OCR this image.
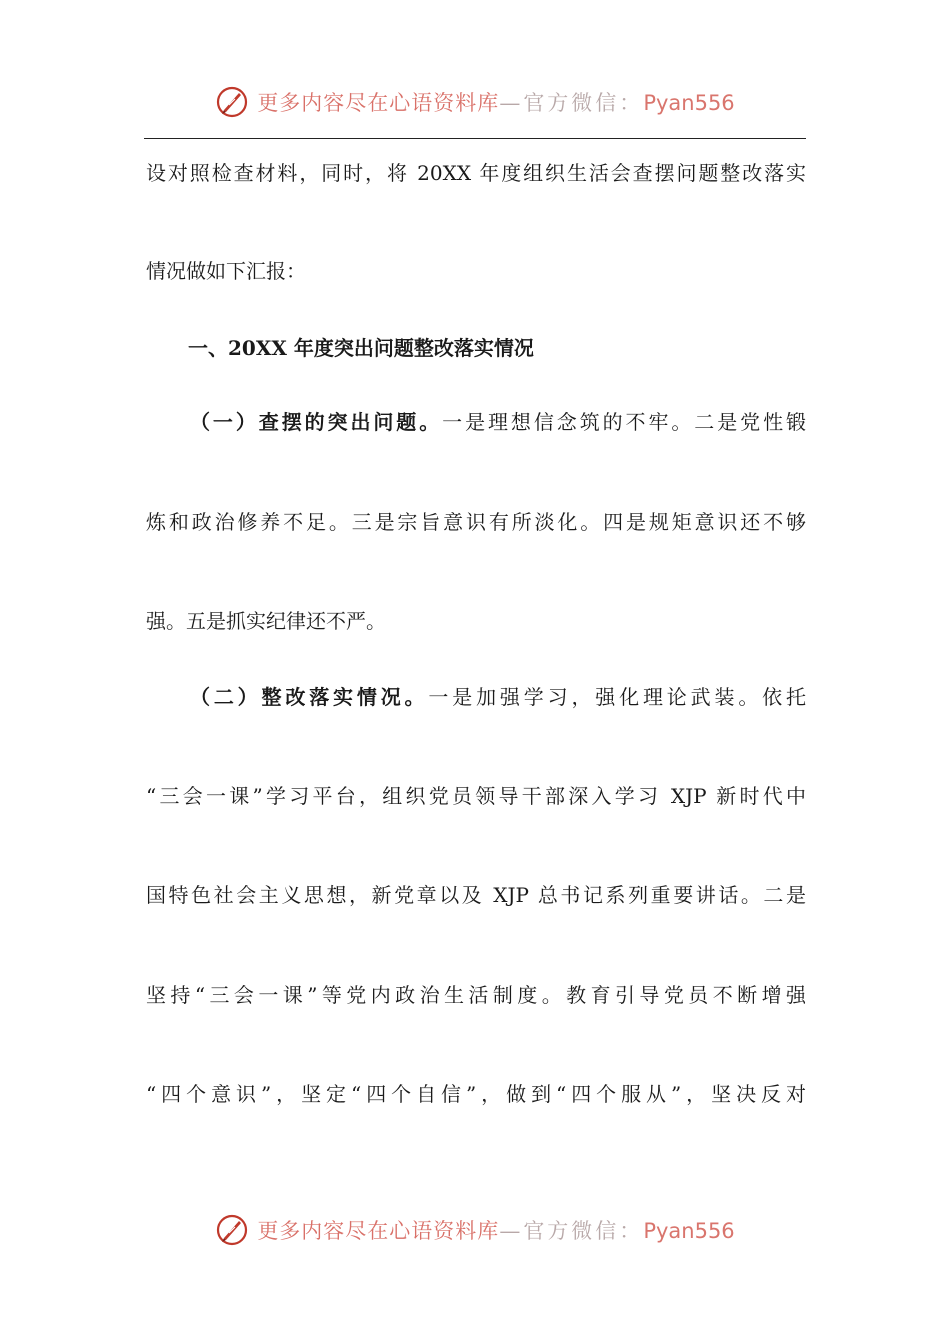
更多内容尽在心语资料库—官方微信：Pyan556
设对照检查材料，同时，将 20XX 年度组织生活会查摆问题整改落实
情况做如下汇报：
一、20XX 年度突出问题整改落实情况
（一）查摆的突出问题。一是理想信念筑的不牢。二是党性锻
炼和政治修养不足。三是宗旨意识有所淡化。四是规矩意识还不够
强。五是抓实纪律还不严。
（二）整改落实情况。一是加强学习，强化理论武装。依托
“三会一课”学习平台，组织党员领导干部深入学习 XJP 新时代中
国特色社会主义思想，新党章以及 XJP 总书记系列重要讲话。二是
坚持“三会一课”等党内政治生活制度。教育引导党员不断增强
“四个意识”，坚定“四个自信”，做到“四个服从”，坚决反对
更多内容尽在心语资料库—官方微信：Pyan556
